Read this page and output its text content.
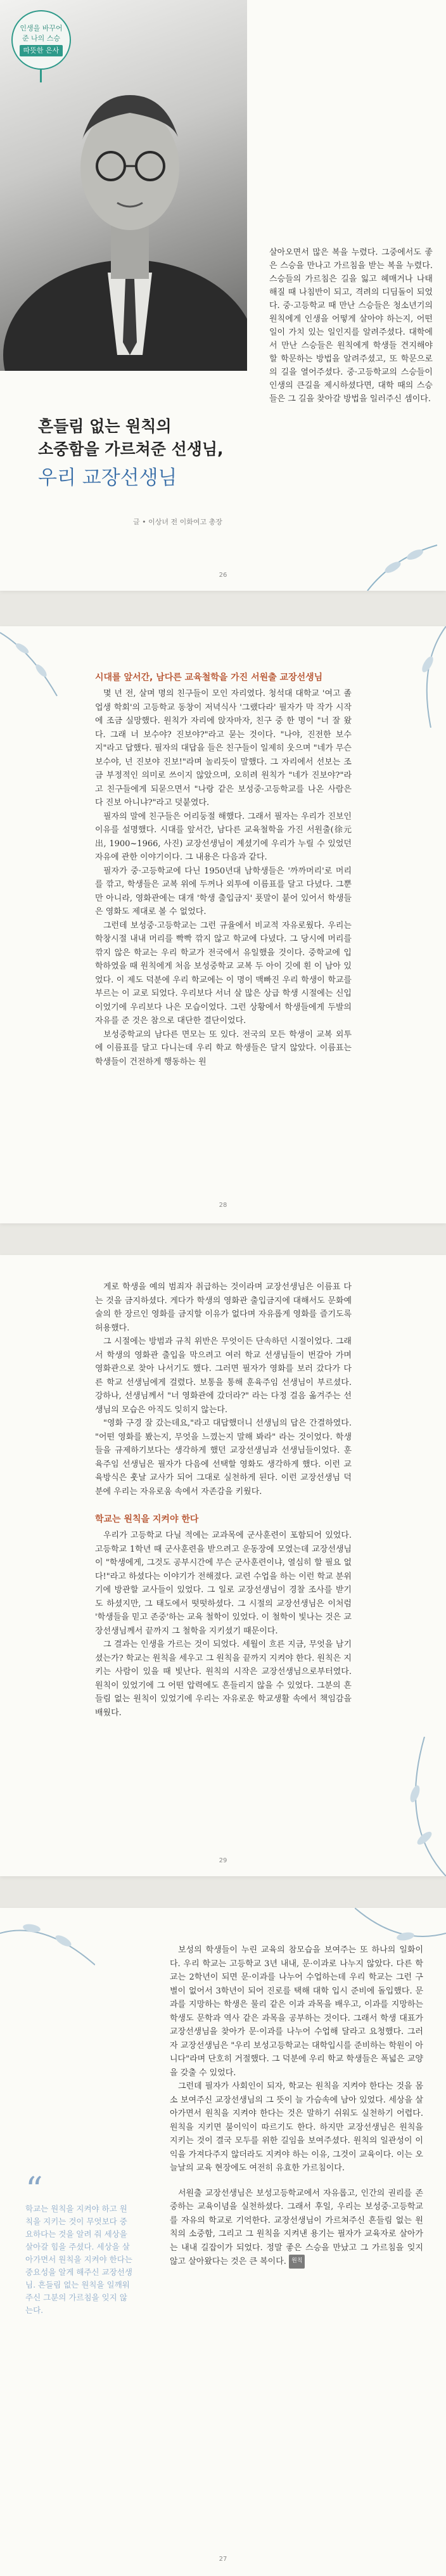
인생을 바꾸어
준 나의 스승
따뜻한 은사
흔들림 없는 원칙의
소중함을 가르쳐준 선생님,
우리 교장선생님
글 • 이상녀 전 이화여고 총장
살아오면서 많은 복을 누렸다. 그중에서도 좋은 스승을 만나고 가르침을 받는 복을 누렸다. 스승들의 가르침은 길을 잃고 헤매거나 나태해질 때 나침반이 되고, 격려의 디딤돌이 되었다. 중·고등학교 때 만난 스승들은 청소년기의 원칙에게 인생을 어떻게 살아야 하는지, 어떤 일이 가치 있는 일인지를 알려주셨다. 대학에서 만난 스승들은 원칙에게 학생들 견지해야 할 학문하는 방법을 알려주셨고, 또 학문으로의 길을 열어주셨다. 중·고등학교의 스승들이 인생의 큰길을 제시하셨다면, 대학 때의 스승들은 그 길을 찾아갈 방법을 일러주신 셈이다.
26
시대를 앞서간, 남다른 교육철학을 가진 서원출 교장선생님

몇 년 전, 살며 명의 친구들이 모인 자리였다. 청석대 대학교 '여고 졸업생 학회'의 고등학교 동창이 저녁식사 '그랬다라' 필자가 막 작가 시작에 조금 실망했다. 원칙가 자리에 앉자마자, 친구 중 한 명이 "너 잘 왔다. 그래 너 보수야? 진보야?"라고 묻는 것이다. "나야, 진전한 보수지"라고 답했다. 필자의 대답을 들은 친구들이 일제히 웃으며 "네가 무슨 보수야, 넌 진보야 진보!"라며 놀리듯이 말했다. 그 자리에서 선보는 조금 부정적인 의미로 쓰이지 않았으며, 오히려 원칙가 "네가 진보야?"라고 친구들에게 되묻으면서 "나랑 같은 보성중·고등학교를 나온 사람은 다 진보 아니냐?"라고 덧붙였다.

필자의 말에 친구들은 어리둥절 해했다. 그래서 필자는 우리가 진보인 이유를 설명했다. 시대를 앞서간, 남다른 교육철학을 가진 서원출(徐元出, 1900~1966, 사진) 교장선생님이 계셨기에 우리가 누릴 수 있었던 자유에 관한 이야기이다. 그 내용은 다음과 같다.

필자가 중·고등학교에 다닌 1950년대 남학생들은 '까까머리'로 머리를 깎고, 학생들은 교복 위에 두꺼나 외투에 이름표를 달고 다녔다. 그뿐만 아니라, 영화관에는 대개 '학생 출입금지' 푯말이 붙어 있어서 학생들은 영화도 제대로 볼 수 없었다.

그런데 보성중·고등학교는 그런 규율에서 비교적 자유로웠다. 우리는 학창시절 내내 머리를 빡빡 깎지 않고 학교에 다녔다. 그 당시에 머리를 깎지 않은 학교는 우리 학교가 전국에서 유일했을 것이다. 중학교에 입학하였을 때 원칙에게 처음 보성중학교 교복 두 아이 깃에 흰 이 남아 있었다. 이 제도 덕분에 우리 학교에는 이 명이 맥빠진 우리 학생이 학교를 부르는 이 교로 되었다. 우리보다 서너 살 많은 상급 학생 시절에는 신입이었기에 우리보다 나은 모습이었다. 그런 상황에서 학생들에게 두발의 자유를 준 것은 참으로 대단한 결단이었다.

보성중학교의 남다른 면모는 또 있다. 전국의 모든 학생이 교복 외투에 이름표를 달고 다니는데 우리 학교 학생들은 달지 않았다. 이름표는 학생들이 건전하게 행동하는 원

28

게로 학생을 예의 범죄자 취급하는 것이라며 교장선생님은 이름표 다는 것을 금지하셨다. 게다가 학생의 영화관 출입금지에 대해서도 문화예술의 한 장르인 영화를 금지할 이유가 없다며 자유롭게 영화를 즐기도록 허용했다.

그 시절에는 방범과 규칙 위반은 무엇이든 단속하던 시절이었다. 그래서 학생의 영화관 출입을 막으려고 여러 학교 선생님들이 번갈아 가며 영화관으로 찾아 나서기도 했다. 그러면 필자가 영화를 보러 갔다가 다른 학교 선생님에게 걸렸다. 보통을 통해 훈육주임 선생님이 부르셨다. 강하나, 선생님께서 "너 영화관에 갔더라?" 라는 다정 걸음 옮겨주는 선생님의 모습은 아직도 잊히지 않는다.

"영화 구경 잘 갔는데요,"라고 대답했더니 선생님의 답은 간결하였다. "어떤 영화를 봤는지, 무엇을 느꼈는지 말해 봐라" 라는 것이었다. 학생들을 규제하기보다는 생각하게 했던 교장선생님과 선생님들이었다. 훈육주임 선생님은 필자가 다음에 선택할 영화도 생각하게 했다. 이런 교육방식은 훗날 교사가 되어 그대로 실천하게 된다. 이런 교장선생님 덕분에 우리는 자유로움 속에서 자존감을 키웠다.

학교는 원칙을 지켜야 한다

우리가 고등학교 다닐 적에는 교과목에 군사훈련이 포함되어 있었다. 고등학교 1학년 때 군사훈련을 받으려고 운동장에 모였는데 교장선생님이 "학생에게, 그것도 공부시간에 무슨 군사훈련이냐, 열심히 할 필요 없다!"라고 하셨다는 이야기가 전해졌다. 교련 수업을 하는 이런 학교 분위기에 방관할 교사들이 있었다. 그 일로 교장선생님이 경찰 조사를 받기도 하셨지만, 그 태도에서 떳떳하셨다. 그 시절의 교장선생님은 이처럼 '학생들을 믿고 존중'하는 교육 철학이 있었다. 이 철학이 빛나는 것은 교장선생님께서 끝까지 그 철학을 지키셨기 때문이다.

그 결과는 인생을 가르는 것이 되었다. 세월이 흐른 지금, 무엇을 남기셨는가? 학교는 원칙을 세우고 그 원칙을 끝까지 지켜야 한다. 원칙은 지키는 사람이 있을 때 빛난다. 원칙의 시작은 교장선생님으로부터였다. 원칙이 있었기에 그 어떤 압력에도 흔들리지 않을 수 있었다. 그분의 흔들림 없는 원칙이 있었기에 우리는 자유로운 학교생활 속에서 책임감을 배웠다.

29
“
학교는 원칙을 지켜야 하고 원칙을 지키는 것이 무엇보다 중요하다는 것을 알려 줘 세상을 살아갈 힘을 주셨다. 세상을 살아가면서 원칙을 지켜야 한다는 중요성을 알게 해주신 교장선생님. 흔들림 없는 원칙을 일깨워주신 그분의 가르침을 잊지 않는다.

보성의 학생들이 누린 교육의 참모습을 보여주는 또 하나의 일화이다. 우리 학교는 고등학교 3년 내내, 문·이과로 나누지 않았다. 다른 학교는 2학년이 되면 문·이과를 나누어 수업하는데 우리 학교는 그런 구별이 없어서 3학년이 되어 진로를 택해 대학 입시 준비에 돌입했다. 문과를 지망하는 학생은 물리 같은 이과 과목을 배우고, 이과를 지망하는 학생도 문학과 역사 같은 과목을 공부하는 것이다. 그래서 학생 대표가 교장선생님을 찾아가 문·이과를 나누어 수업해 달라고 요청했다. 그러자 교장선생님은 "우리 보성고등학교는 대학입시를 준비하는 학원이 아니다"라며 단호히 거절했다. 그 덕분에 우리 학교 학생들은 폭넓은 교양을 갖출 수 있었다.

그런데 필자가 사회인이 되자, 학교는 원칙을 지켜야 한다는 것을 몸소 보여주신 교장선생님의 그 뜻이 늘 가슴속에 남아 있었다. 세상을 살아가면서 원칙을 지켜야 한다는 것은 말하기 쉬워도 실천하기 어렵다. 원칙을 지키면 불이익이 따르기도 한다. 하지만 교장선생님은 원칙을 지키는 것이 결국 모두를 위한 길임을 보여주셨다. 원칙의 일관성이 이익을 가져다주지 않더라도 지켜야 하는 이유, 그것이 교육이다. 이는 오늘날의 교육 현장에도 여전히 유효한 가르침이다.

서원출 교장선생님은 보성고등학교에서 자유롭고, 인간의 권리를 존중하는 교육이념을 실천하셨다. 그래서 후일, 우리는 보성중·고등학교를 자유의 학교로 기억한다. 교장선생님이 가르쳐주신 흔들림 없는 원칙의 소중함, 그리고 그 원칙을 지켜낸 용기는 필자가 교육자로 살아가는 내내 길잡이가 되었다. 정말 좋은 스승을 만났고 그 가르침을 잊지 않고 살아왔다는 것은 큰 복이다. 원칙

27
